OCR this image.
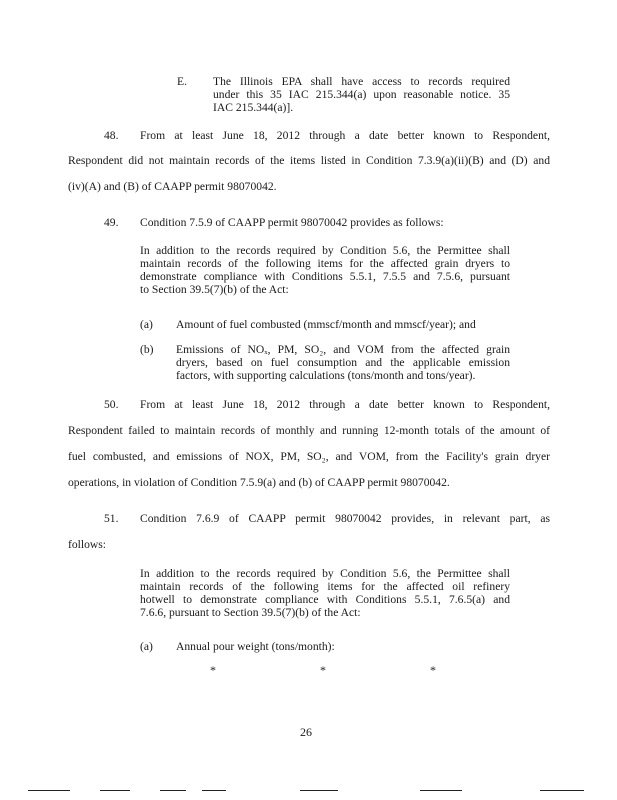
E. The Illinois EPA shall have access to records required
under this 35 IAC 215.344(a) upon reasonable notice. 35
IAC 215.344(a)].
48. From at least June 18, 2012 through a date better known to Respondent,
Respondent did not maintain records of the items listed in Condition 7.3.9(a)(ii)(B) and (D) and
(iv)(A) and (B) of CAAPP permit 98070042.
49. Condition 7.5.9 of CAAPP permit 98070042 provides as follows:
In addition to the records required by Condition 5.6, the Permittee shall
maintain records of the following items for the affected grain dryers to
demonstrate compliance with Conditions 5.5.1, 7.5.5 and 7.5.6, pursuant
to Section 39.5(7)(b) of the Act:
(a) Amount of fuel combusted (mmscf/month and mmscf/year); and
(b) Emissions of NOₓ, PM, SO₂, and VOM from the affected grain
dryers, based on fuel consumption and the applicable emission
factors, with supporting calculations (tons/month and tons/year).
50. From at least June 18, 2012 through a date better known to Respondent,
Respondent failed to maintain records of monthly and running 12-month totals of the amount of
fuel combusted, and emissions of NOX, PM, SO₂, and VOM, from the Facility's grain dryer
operations, in violation of Condition 7.5.9(a) and (b) of CAAPP permit 98070042.
51. Condition 7.6.9 of CAAPP permit 98070042 provides, in relevant part, as
follows:
In addition to the records required by Condition 5.6, the Permittee shall
maintain records of the following items for the affected oil refinery
hotwell to demonstrate compliance with Conditions 5.5.1, 7.6.5(a) and
7.6.6, pursuant to Section 39.5(7)(b) of the Act:
(a) Annual pour weight (tons/month):
*	*	*
26
